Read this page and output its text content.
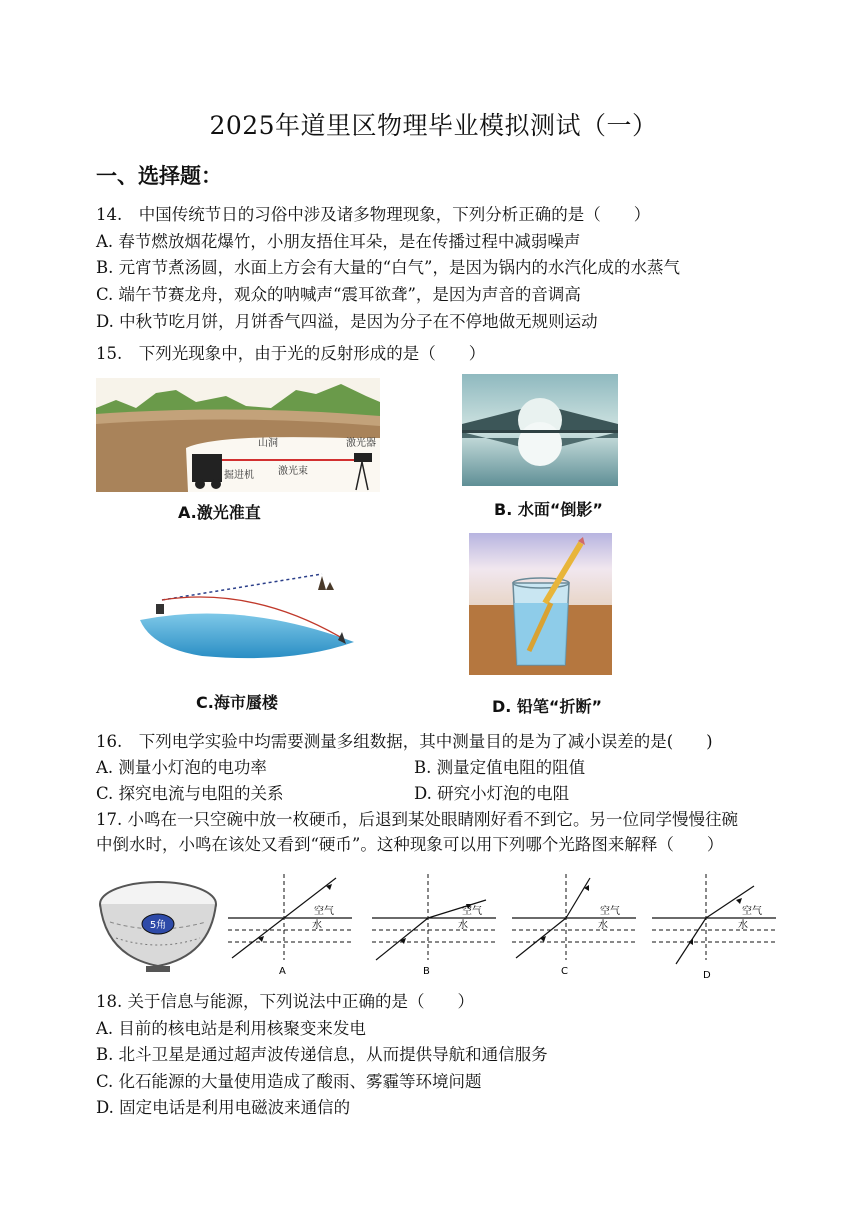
2025年道里区物理毕业模拟测试（一）
一、选择题：
14.　中国传统节日的习俗中涉及诸多物理现象，下列分析正确的是（　　）
A. 春节燃放烟花爆竹，小朋友捂住耳朵，是在传播过程中减弱噪声
B. 元宵节煮汤圆，水面上方会有大量的“白气”，是因为锅内的水汽化成的水蒸气
C. 端午节赛龙舟，观众的呐喊声“震耳欲聋”，是因为声音的音调高
D. 中秋节吃月饼，月饼香气四溢，是因为分子在不停地做无规则运动
15.　下列光现象中，由于光的反射形成的是（　　）
山洞	激光器
激光束
掘进机
A.激光准直	B. 水面“倒影”
C.海市蜃楼	D. 铅笔“折断”
16.　下列电学实验中均需要测量多组数据，其中测量目的是为了减小误差的是(　　)
A. 测量小灯泡的电功率	B. 测量定值电阻的阻值
C. 探究电流与电阻的关系	D. 研究小灯泡的电阻
17. 小鸣在一只空碗中放一枚硬币，后退到某处眼睛刚好看不到它。另一位同学慢慢往碗
中倒水时，小鸣在该处又看到“硬币”。这种现象可以用下列哪个光路图来解释（　　）
5角
空气
水
A
空气
水
B
空气
水
C
空气
水
D
18. 关于信息与能源，下列说法中正确的是（　　）
A. 目前的核电站是利用核聚变来发电
B. 北斗卫星是通过超声波传递信息，从而提供导航和通信服务
C. 化石能源的大量使用造成了酸雨、雾霾等环境问题
D. 固定电话是利用电磁波来通信的
